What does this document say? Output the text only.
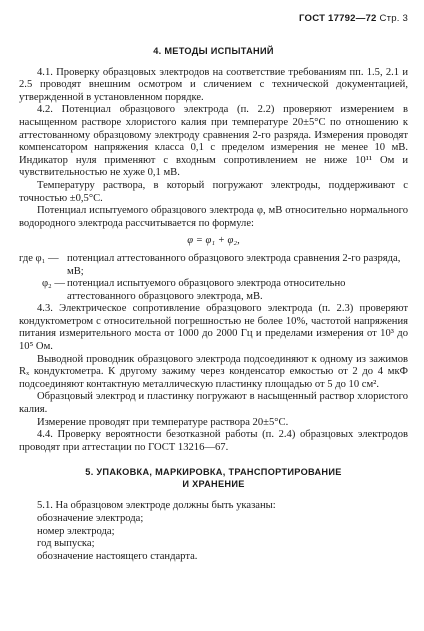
ГОСТ 17792—72 Стр. 3
4. МЕТОДЫ ИСПЫТАНИЙ

4.1. Проверку образцовых электродов на соответствие требованиям пп. 1.5, 2.1 и 2.5 проводят внешним осмотром и сличением с технической документацией, утвержденной в установленном порядке.

4.2. Потенциал образцового электрода (п. 2.2) проверяют измерением в насыщенном растворе хлористого калия при температуре 20±5°С по отношению к аттестованному образцовому электроду сравнения 2-го разряда. Измерения проводят компенсатором напряжения класса 0,1 с пределом измерения не менее 10 мВ. Индикатор нуля применяют с входным сопротивлением не ниже 10¹¹ Ом и чувствительностью не хуже 0,1 мВ.

Температуру раствора, в который погружают электроды, поддерживают с точностью ±0,5°С.

Потенциал испытуемого образцового электрода φ, мВ относительно нормального водородного электрода рассчитывается по формуле:

φ = φ₁ + φ₂,
где φ₁ — потенциал аттестованного образцового электрода сравнения 2-го разряда, мВ;
φ₂ — потенциал испытуемого образцового электрода относительно аттестованного образцового электрода, мВ.

4.3. Электрическое сопротивление образцового электрода (п. 2.3) проверяют кондуктометром с относительной погрешностью не более 10%, частотой напряжения питания измерительного моста от 1000 до 2000 Гц и пределами измерения от 10³ до 10⁵ Ом.

Выводной проводник образцового электрода подсоединяют к одному из зажимов Rₓ кондуктометра. К другому зажиму через конденсатор емкостью от 2 до 4 мкФ подсоединяют контактную металлическую пластинку площадью от 5 до 10 см².

Образцовый электрод и пластинку погружают в насыщенный раствор хлористого калия.

Измерение проводят при температуре раствора 20±5°С.

4.4. Проверку вероятности безотказной работы (п. 2.4) образцовых электродов проводят при аттестации по ГОСТ 13216—67.

5. УПАКОВКА, МАРКИРОВКА, ТРАНСПОРТИРОВАНИЕ
И ХРАНЕНИЕ

5.1. На образцовом электроде должны быть указаны:

обозначение электрода;
номер электрода;
год выпуска;
обозначение настоящего стандарта.
